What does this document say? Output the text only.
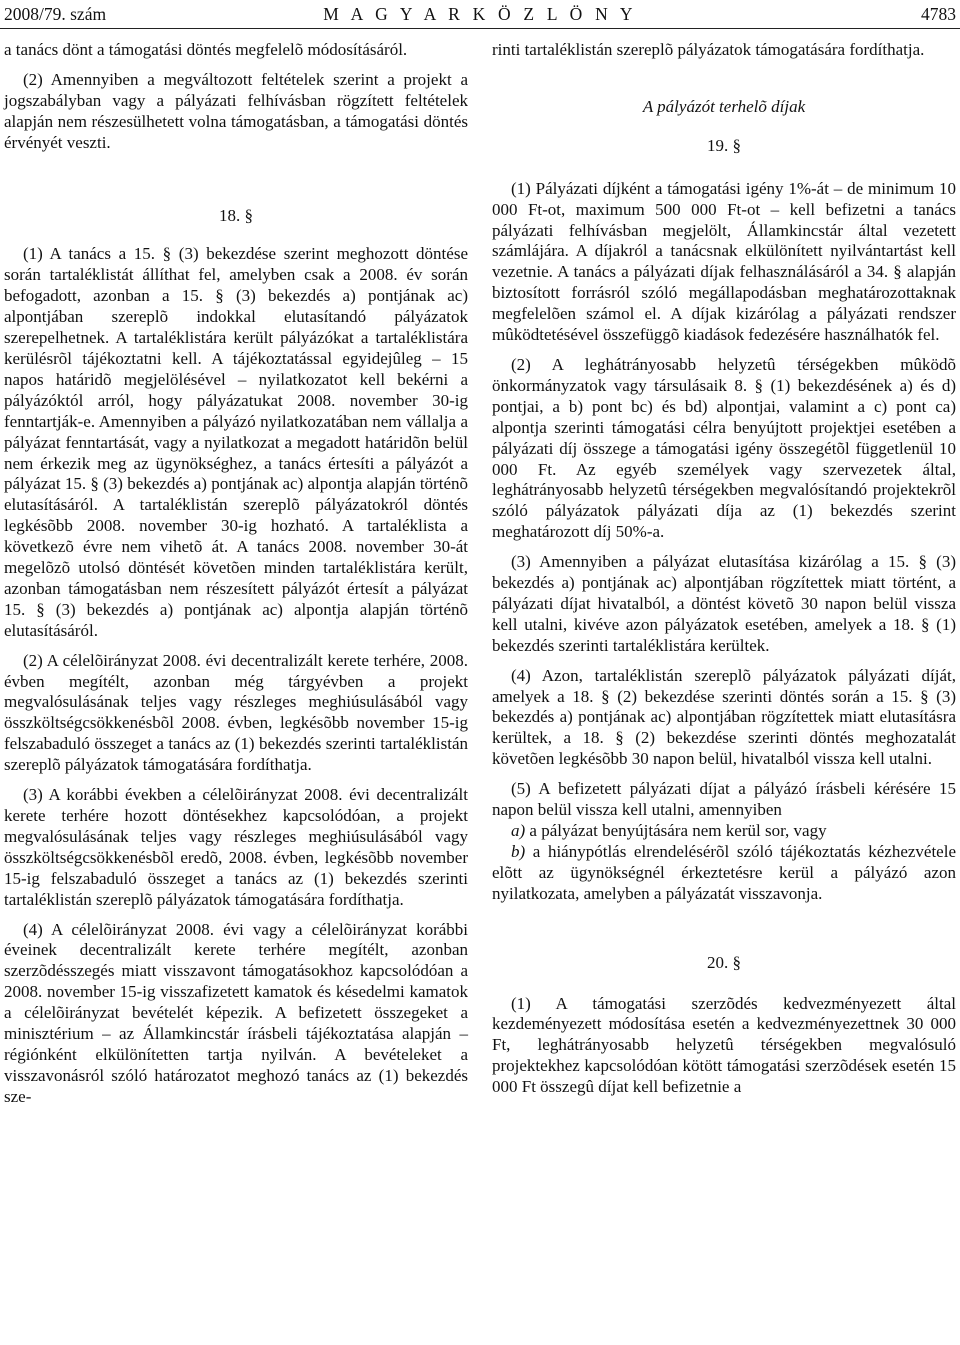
2008/79. szám	M A G Y A R K Ö Z L Ö N Y	4783

a tanács dönt a támogatási döntés megfelelõ módosításáról.

(2) Amennyiben a megváltozott feltételek szerint a projekt a jogszabályban vagy a pályázati felhívásban rögzített feltételek alapján nem részesülhetett volna támogatásban, a támogatási döntés érvényét veszti.

18. §

(1) A tanács a 15. § (3) bekezdése szerint meghozott döntése során tartaléklistát állíthat fel, amelyben csak a 2008. év során befogadott, azonban a 15. § (3) bekezdés a) pontjának ac) alpontjában szereplõ indokkal elutasítandó pályázatok szerepelhetnek. A tartaléklistára került pályázókat a tartaléklistára kerülésrõl tájékoztatni kell. A tájékoztatással egyidejûleg – 15 napos határidõ megjelölésével – nyilatkozatot kell bekérni a pályázóktól arról, hogy pályázatukat 2008. november 30-ig fenntartják-e. Amennyiben a pályázó nyilatkozatában nem vállalja a pályázat fenntartását, vagy a nyilatkozat a megadott határidõn belül nem érkezik meg az ügynökséghez, a tanács értesíti a pályázót a pályázat 15. § (3) bekezdés a) pontjának ac) alpontja alapján történõ elutasításáról. A tartaléklistán szereplõ pályázatokról döntés legkésõbb 2008. november 30-ig hozható. A tartaléklista a következõ évre nem vihetõ át. A tanács 2008. november 30-át megelõzõ utolsó döntését követõen minden tartaléklistára került, azonban támogatásban nem részesített pályázót értesít a pályázat 15. § (3) bekezdés a) pontjának ac) alpontja alapján történõ elutasításáról.

(2) A célelõirányzat 2008. évi decentralizált kerete terhére, 2008. évben megítélt, azonban még tárgyévben a projekt megvalósulásának teljes vagy részleges meghiúsulásából vagy összköltségcsökkenésbõl 2008. évben, legkésõbb november 15-ig felszabaduló összeget a tanács az (1) bekezdés szerinti tartaléklistán szereplõ pályázatok támogatására fordíthatja.

(3) A korábbi években a célelõirányzat 2008. évi decentralizált kerete terhére hozott döntésekhez kapcsolódóan, a projekt megvalósulásának teljes vagy részleges meghiúsulásából vagy összköltségcsökkenésbõl eredõ, 2008. évben, legkésõbb november 15-ig felszabaduló összeget a tanács az (1) bekezdés szerinti tartaléklistán szereplõ pályázatok támogatására fordíthatja.

(4) A célelõirányzat 2008. évi vagy a célelõirányzat korábbi éveinek decentralizált kerete terhére megítélt, azonban szerzõdésszegés miatt visszavont támogatásokhoz kapcsolódóan a 2008. november 15-ig visszafizetett kamatok és késedelmi kamatok a célelõirányzat bevételét képezik. A befizetett összegeket a minisztérium – az Államkincstár írásbeli tájékoztatása alapján – régiónként elkülönítetten tartja nyilván. A bevételeket a visszavonásról szóló határozatot meghozó tanács az (1) bekezdés sze-

rinti tartaléklistán szereplõ pályázatok támogatására fordíthatja.

A pályázót terhelõ díjak

19. §

(1) Pályázati díjként a támogatási igény 1%-át – de minimum 10 000 Ft-ot, maximum 500 000 Ft-ot – kell befizetni a tanács pályázati felhívásban megjelölt, Államkincstár által vezetett számlájára. A díjakról a tanácsnak elkülönített nyilvántartást kell vezetnie. A tanács a pályázati díjak felhasználásáról a 34. § alapján biztosított forrásról szóló megállapodásban meghatározottaknak megfelelõen számol el. A díjak kizárólag a pályázati rendszer mûködtetésével összefüggõ kiadások fedezésére használhatók fel.

(2) A leghátrányosabb helyzetû térségekben mûködõ önkormányzatok vagy társulásaik 8. § (1) bekezdésének a) és d) pontjai, a b) pont bc) és bd) alpontjai, valamint a c) pont ca) alpontja szerinti támogatási célra benyújtott projektjei esetében a pályázati díj összege a támogatási igény összegétõl függetlenül 10 000 Ft. Az egyéb személyek vagy szervezetek által, leghátrányosabb helyzetû térségekben megvalósítandó projektekrõl szóló pályázatok pályázati díja az (1) bekezdés szerint meghatározott díj 50%-a.

(3) Amennyiben a pályázat elutasítása kizárólag a 15. § (3) bekezdés a) pontjának ac) alpontjában rögzítettek miatt történt, a pályázati díjat hivatalból, a döntést követõ 30 napon belül vissza kell utalni, kivéve azon pályázatok esetében, amelyek a 18. § (1) bekezdés szerinti tartaléklistára kerültek.

(4) Azon, tartaléklistán szereplõ pályázatok pályázati díját, amelyek a 18. § (2) bekezdése szerinti döntés során a 15. § (3) bekezdés a) pontjának ac) alpontjában rögzítettek miatt elutasításra kerültek, a 18. § (2) bekezdése szerinti döntés meghozatalát követõen legkésõbb 30 napon belül, hivatalból vissza kell utalni.

(5) A befizetett pályázati díjat a pályázó írásbeli kérésére 15 napon belül vissza kell utalni, amennyiben

a) a pályázat benyújtására nem kerül sor, vagy

b) a hiánypótlás elrendelésérõl szóló tájékoztatás kézhezvétele elõtt az ügynökségnél érkeztetésre kerül a pályázó azon nyilatkozata, amelyben a pályázatát visszavonja.

20. §

(1) A támogatási szerzõdés kedvezményezett által kezdeményezett módosítása esetén a kedvezményezettnek 30 000 Ft, leghátrányosabb helyzetû térségekben megvalósuló projektekhez kapcsolódóan kötött támogatási szerzõdések esetén 15 000 Ft összegû díjat kell befizetnie a
